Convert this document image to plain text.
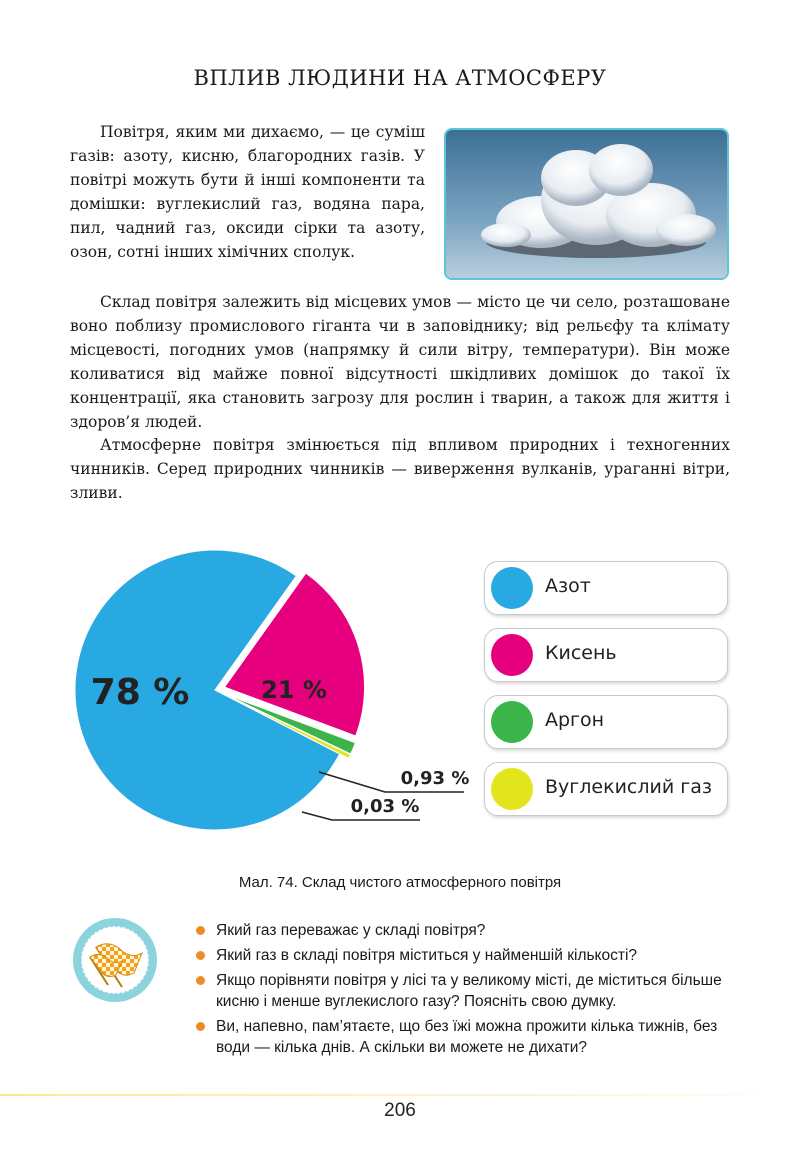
ВПЛИВ ЛЮДИНИ НА АТМОСФЕРУ

Повітря, яким ми дихаємо, — це суміш газів: азоту, кисню, благородних газів. У повітрі можуть бути й інші компоненти та домішки: вуглекислий газ, водяна пара, пил, чадний газ, оксиди сірки та азоту, озон, сотні інших хімічних сполук.

Склад повітря залежить від місцевих умов — місто це чи село, розташоване воно поблизу промислового гіганта чи в заповіднику; від рельєфу та клімату місцевості, погодних умов (напрямку й сили вітру, температури). Він може коливатися від майже повної відсутності шкідливих домішок до такої їх концентрації, яка становить загрозу для рослин і тварин, а також для життя і здоров’я людей.

Атмосферне повітря змінюється під впливом природних і техногенних чинників. Серед природних чинників — виверження вулканів, ураганні вітри, зливи.

78 %	21 %
0,93 %
0,03 %
Азот
Кисень
Аргон
Вуглекислий газ
Мал. 74. Склад чистого атмосферного повітря
Який газ переважає у складі повітря?
Який газ в складі повітря міститься у найменшій кількості?
Якщо порівняти повітря у лісі та у великому місті, де міститься більше кисню і менше вуглекислого газу? Поясніть свою думку.
Ви, напевно, пам’ятаєте, що без їжі можна прожити кілька тижнів, без води — кілька днів. А скільки ви можете не дихати?
206
